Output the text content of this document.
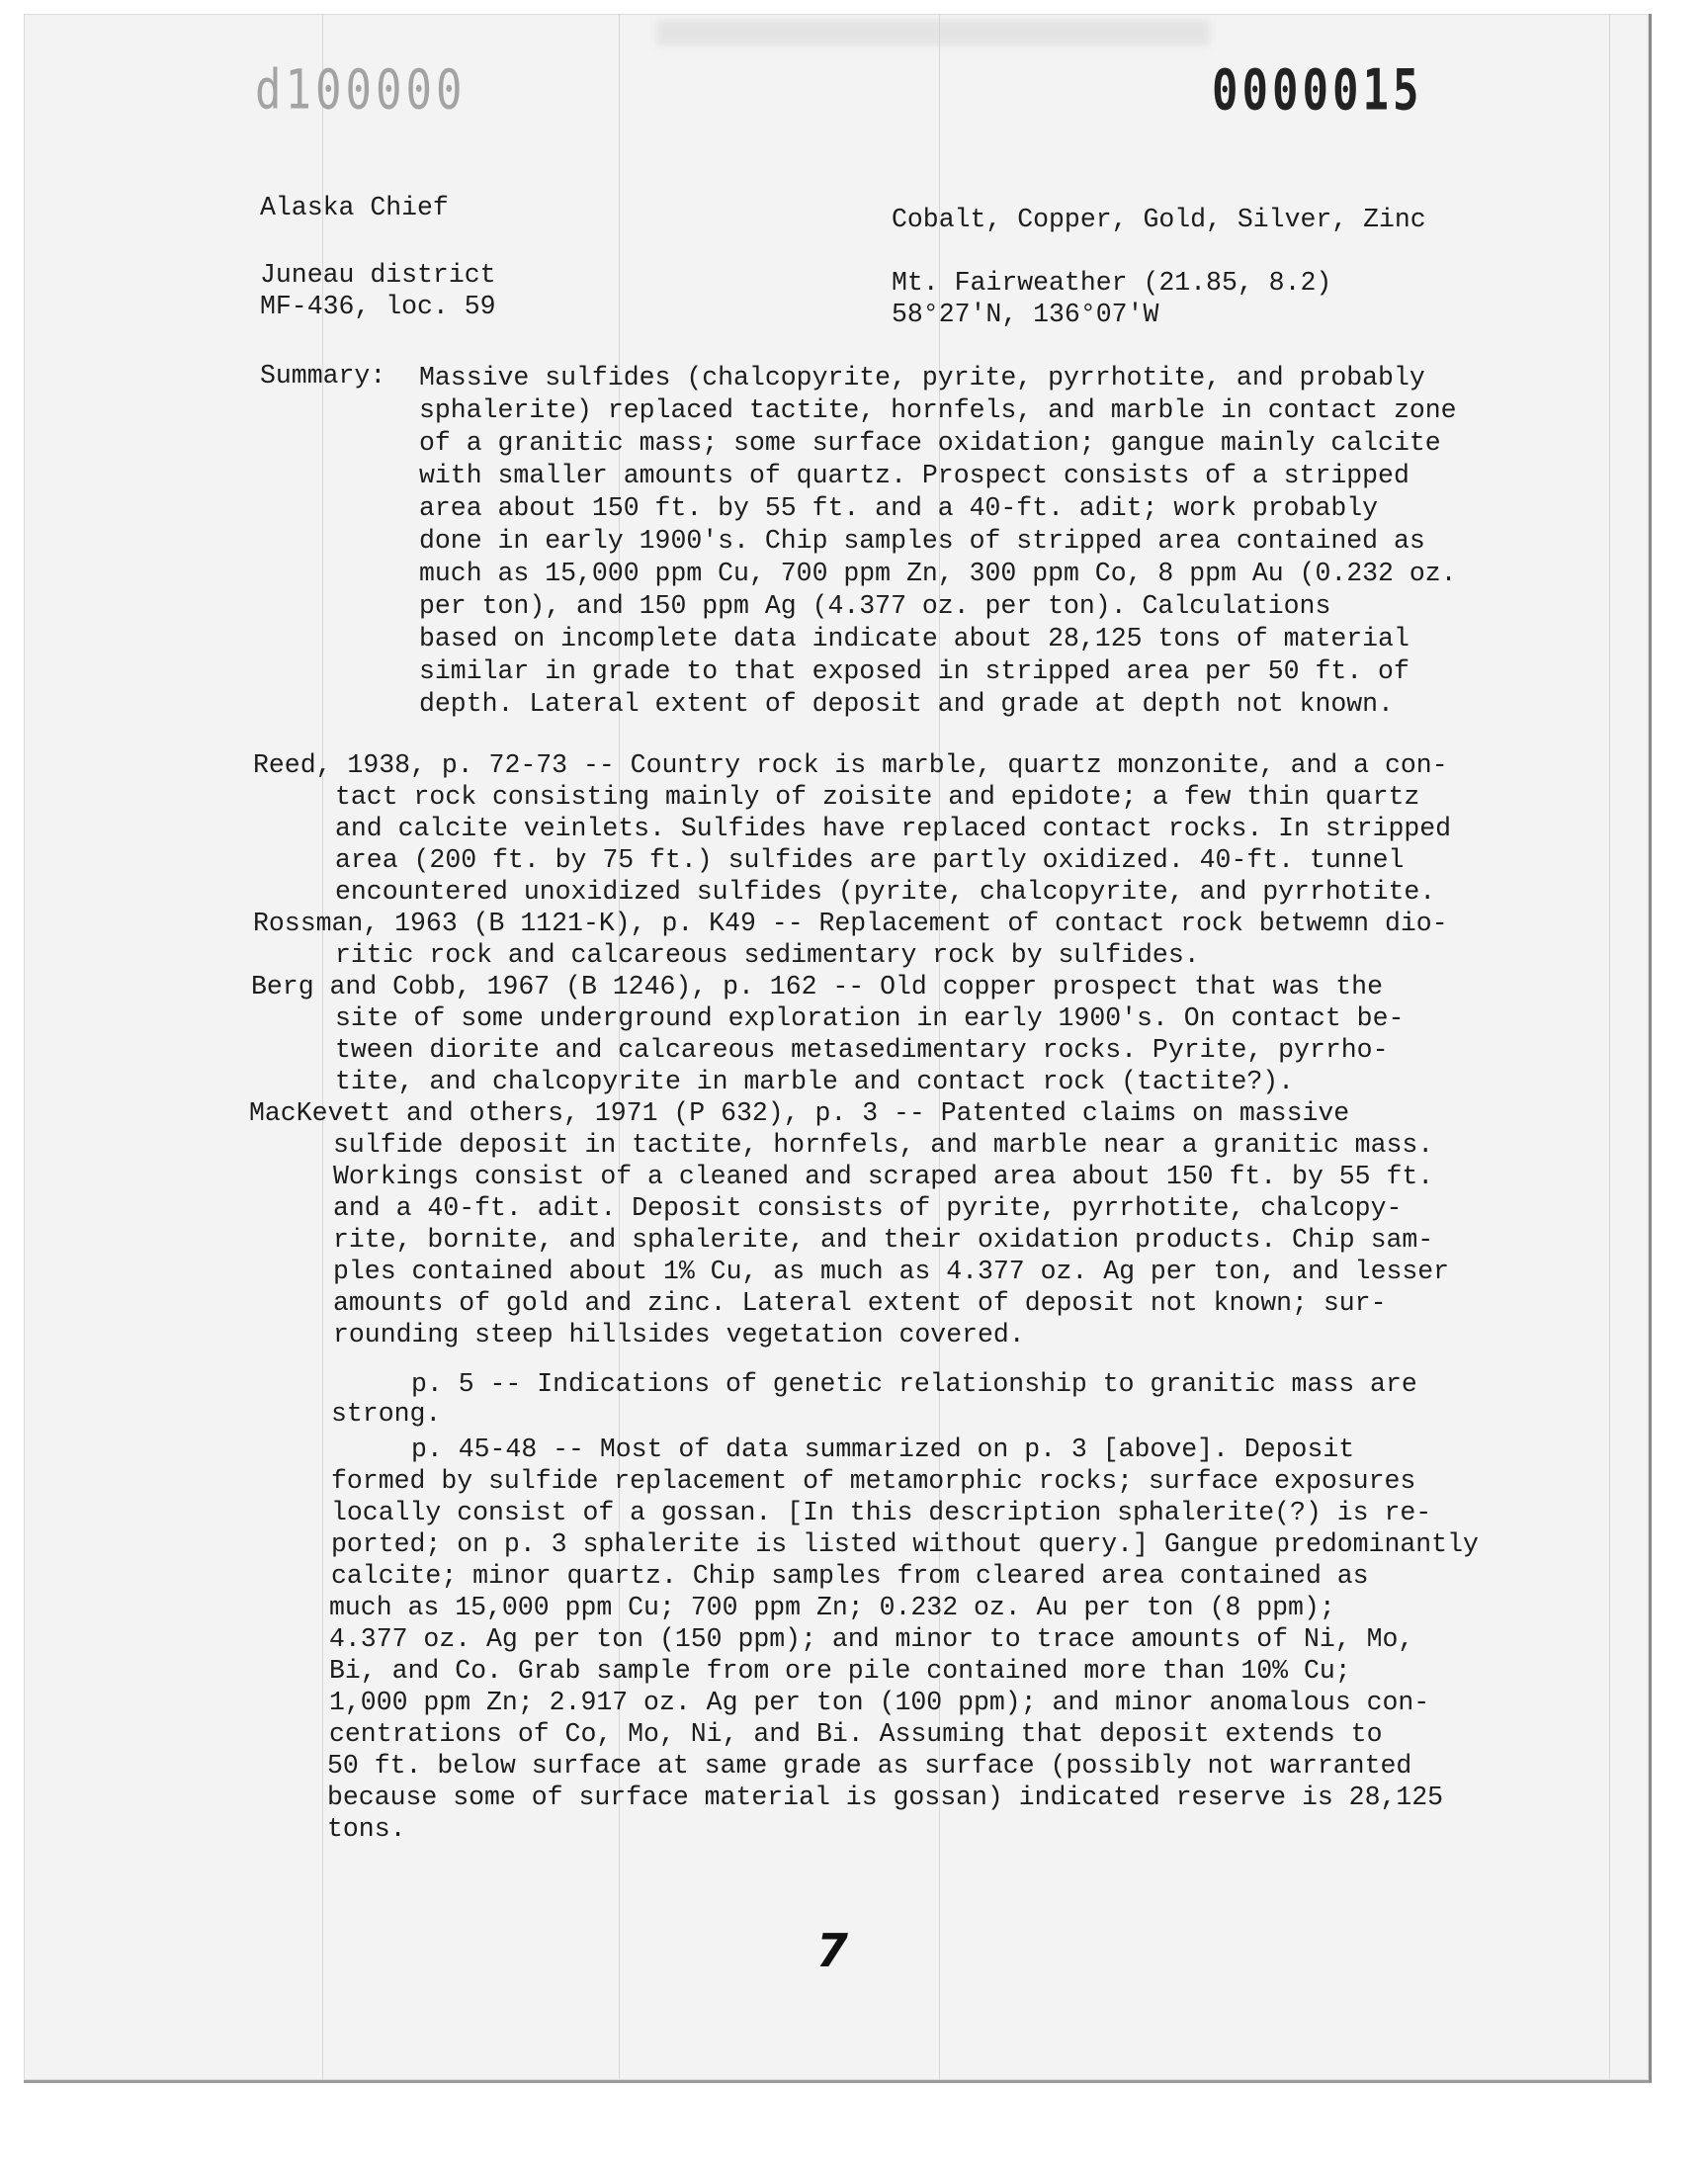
d100000	0000015
Alaska Chief
Juneau district
MF-436, loc. 59
Cobalt, Copper, Gold, Silver, Zinc
Mt. Fairweather (21.85, 8.2)
58°27'N, 136°07'W
Summary: Massive sulfides (chalcopyrite, pyrite, pyrrhotite, and probably
sphalerite) replaced tactite, hornfels, and marble in contact zone
of a granitic mass; some surface oxidation; gangue mainly calcite
with smaller amounts of quartz. Prospect consists of a stripped
area about 150 ft. by 55 ft. and a 40-ft. adit; work probably
done in early 1900's. Chip samples of stripped area contained as
much as 15,000 ppm Cu, 700 ppm Zn, 300 ppm Co, 8 ppm Au (0.232 oz.
per ton), and 150 ppm Ag (4.377 oz. per ton). Calculations
based on incomplete data indicate about 28,125 tons of material
similar in grade to that exposed in stripped area per 50 ft. of
depth. Lateral extent of deposit and grade at depth not known.
Reed, 1938, p. 72-73 -- Country rock is marble, quartz monzonite, and a con-
tact rock consisting mainly of zoisite and epidote; a few thin quartz
and calcite veinlets. Sulfides have replaced contact rocks. In stripped
area (200 ft. by 75 ft.) sulfides are partly oxidized. 40-ft. tunnel
encountered unoxidized sulfides (pyrite, chalcopyrite, and pyrrhotite.
Rossman, 1963 (B 1121-K), p. K49 -- Replacement of contact rock betwemn dio-
ritic rock and calcareous sedimentary rock by sulfides.
Berg and Cobb, 1967 (B 1246), p. 162 -- Old copper prospect that was the
site of some underground exploration in early 1900's. On contact be-
tween diorite and calcareous metasedimentary rocks. Pyrite, pyrrho-
tite, and chalcopyrite in marble and contact rock (tactite?).
MacKevett and others, 1971 (P 632), p. 3 -- Patented claims on massive
sulfide deposit in tactite, hornfels, and marble near a granitic mass.
Workings consist of a cleaned and scraped area about 150 ft. by 55 ft.
and a 40-ft. adit. Deposit consists of pyrite, pyrrhotite, chalcopy-
rite, bornite, and sphalerite, and their oxidation products. Chip sam-
ples contained about 1% Cu, as much as 4.377 oz. Ag per ton, and lesser
amounts of gold and zinc. Lateral extent of deposit not known; sur-
rounding steep hillsides vegetation covered.
p. 5 -- Indications of genetic relationship to granitic mass are
strong.
p. 45-48 -- Most of data summarized on p. 3 [above]. Deposit
formed by sulfide replacement of metamorphic rocks; surface exposures
locally consist of a gossan. [In this description sphalerite(?) is re-
ported; on p. 3 sphalerite is listed without query.] Gangue predominantly
calcite; minor quartz. Chip samples from cleared area contained as
much as 15,000 ppm Cu; 700 ppm Zn; 0.232 oz. Au per ton (8 ppm);
4.377 oz. Ag per ton (150 ppm); and minor to trace amounts of Ni, Mo,
Bi, and Co. Grab sample from ore pile contained more than 10% Cu;
1,000 ppm Zn; 2.917 oz. Ag per ton (100 ppm); and minor anomalous con-
centrations of Co, Mo, Ni, and Bi. Assuming that deposit extends to
50 ft. below surface at same grade as surface (possibly not warranted
because some of surface material is gossan) indicated reserve is 28,125
tons.
7
